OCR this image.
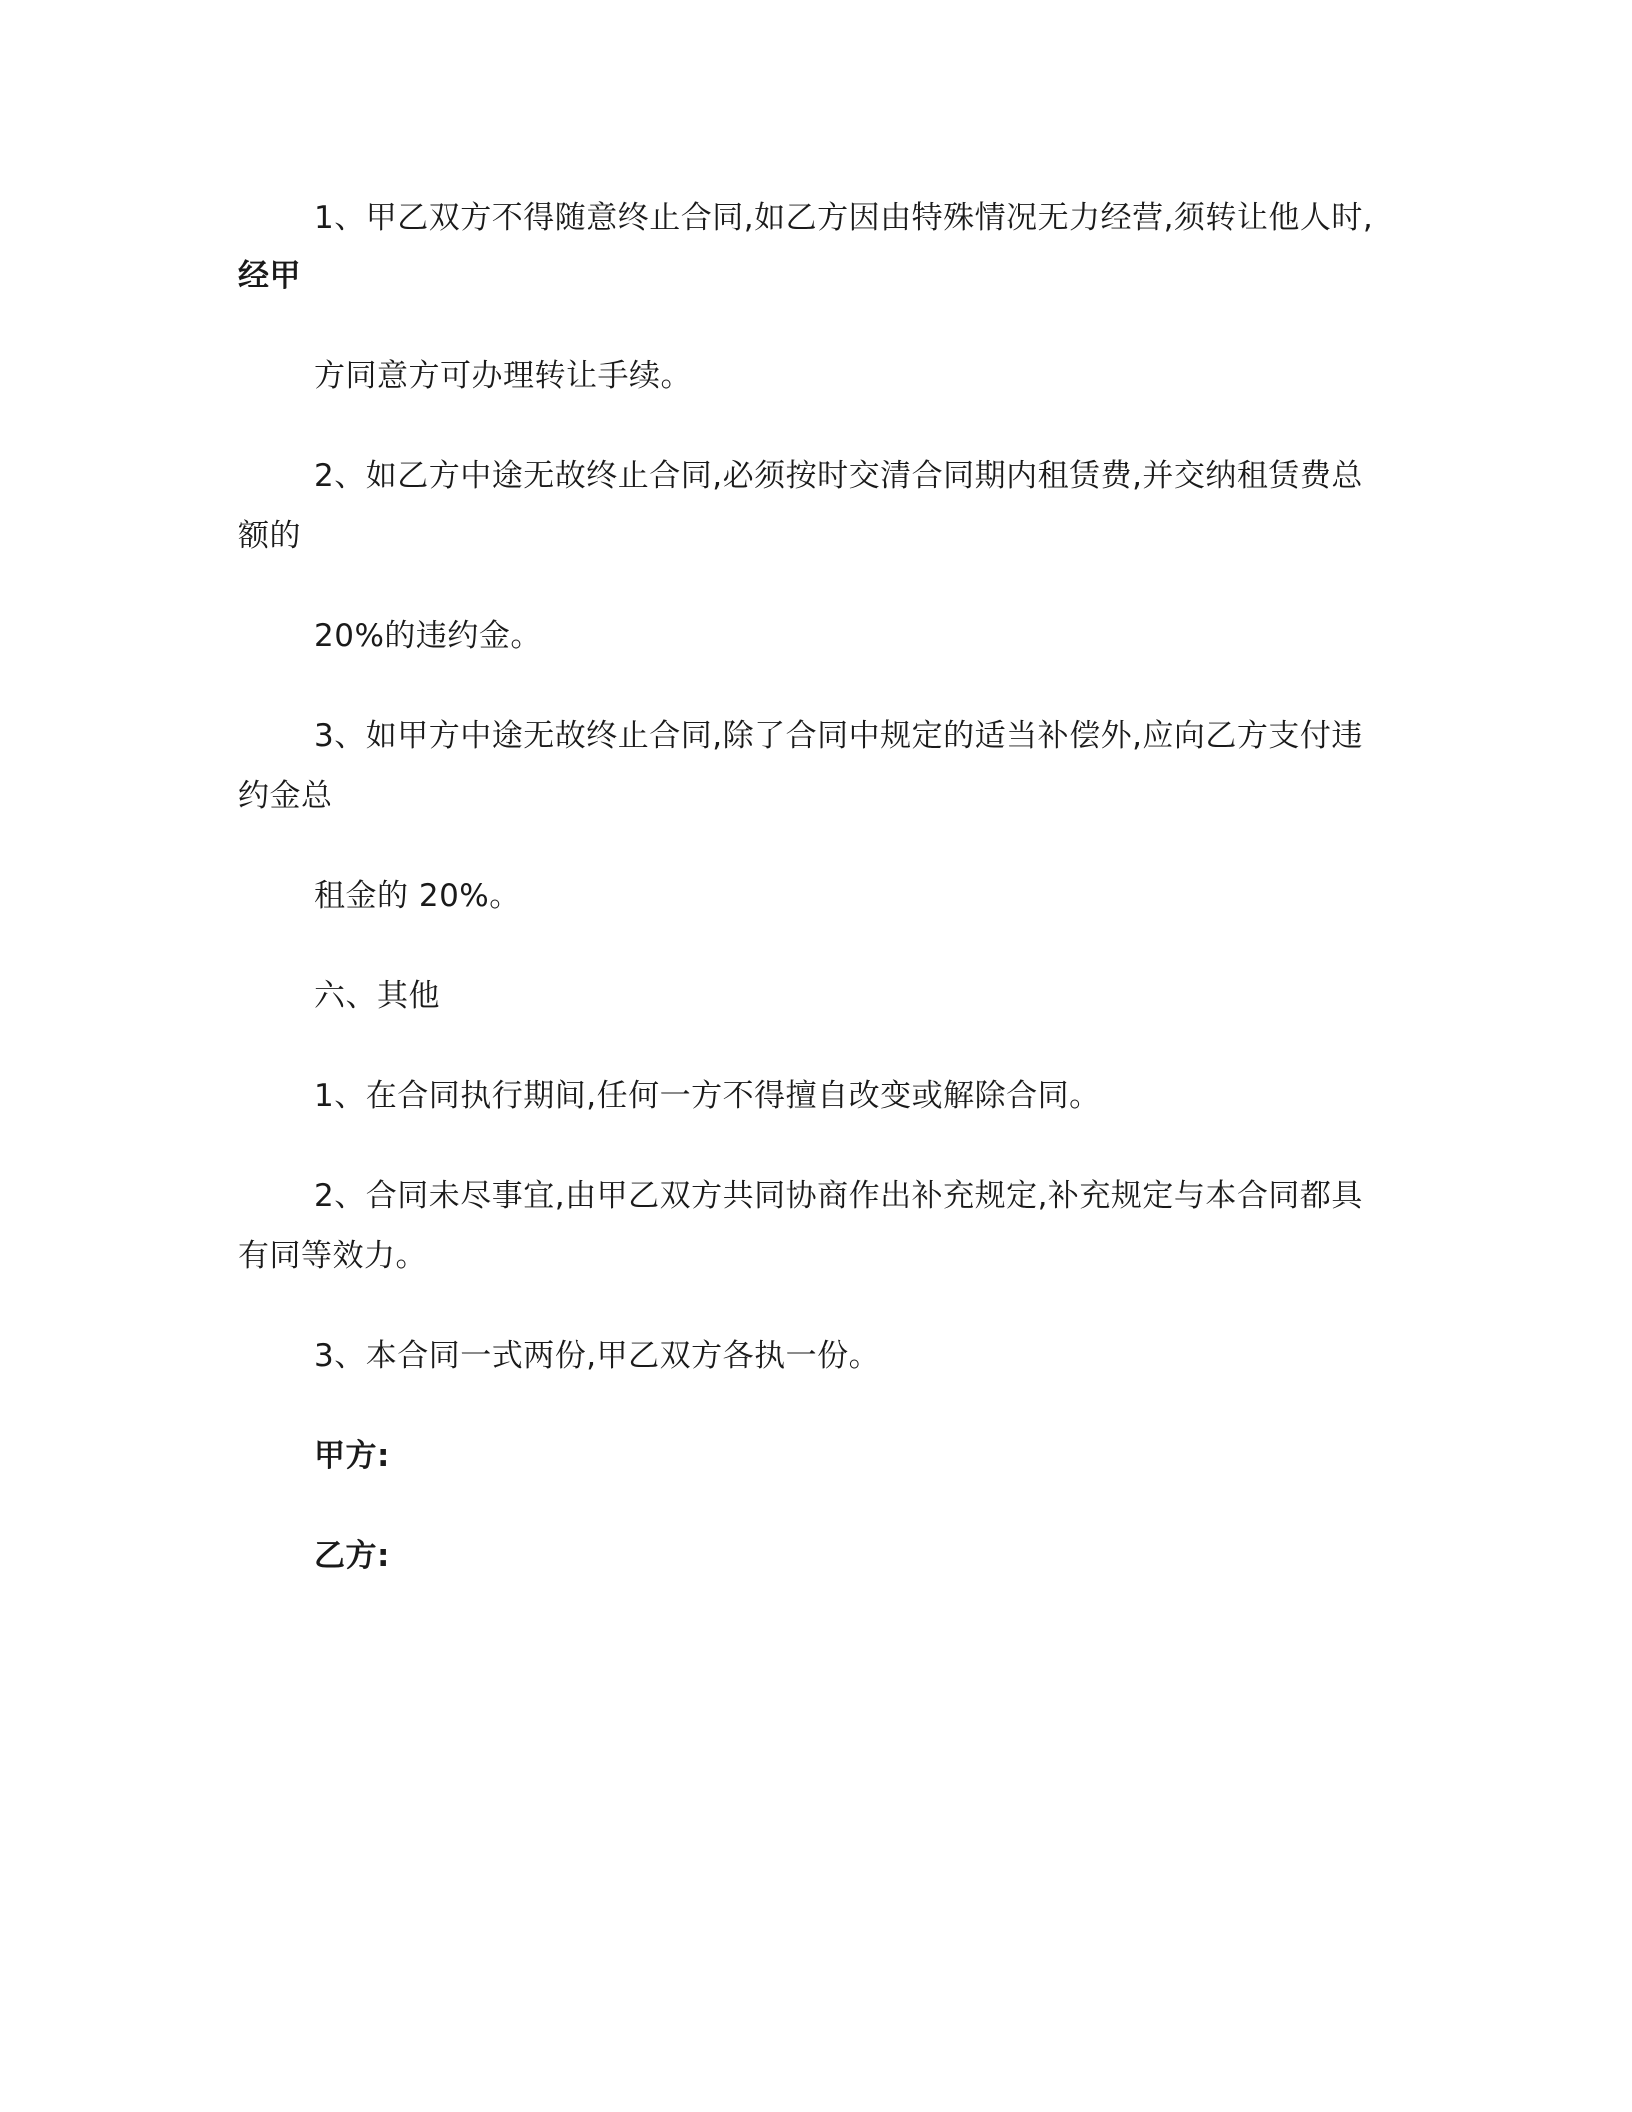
1、甲乙双方不得随意终止合同,如乙方因由特殊情况无力经营,须转让他人时,
经甲
方同意方可办理转让手续。
2、如乙方中途无故终止合同,必须按时交清合同期内租赁费,并交纳租赁费总
额的
20%的违约金。
3、如甲方中途无故终止合同,除了合同中规定的适当补偿外,应向乙方支付违
约金总
租金的 20%。
六、其他
1、在合同执行期间,任何一方不得擅自改变或解除合同。
2、合同未尽事宜,由甲乙双方共同协商作出补充规定,补充规定与本合同都具
有同等效力。
3、本合同一式两份,甲乙双方各执一份。
甲方:
乙方:
